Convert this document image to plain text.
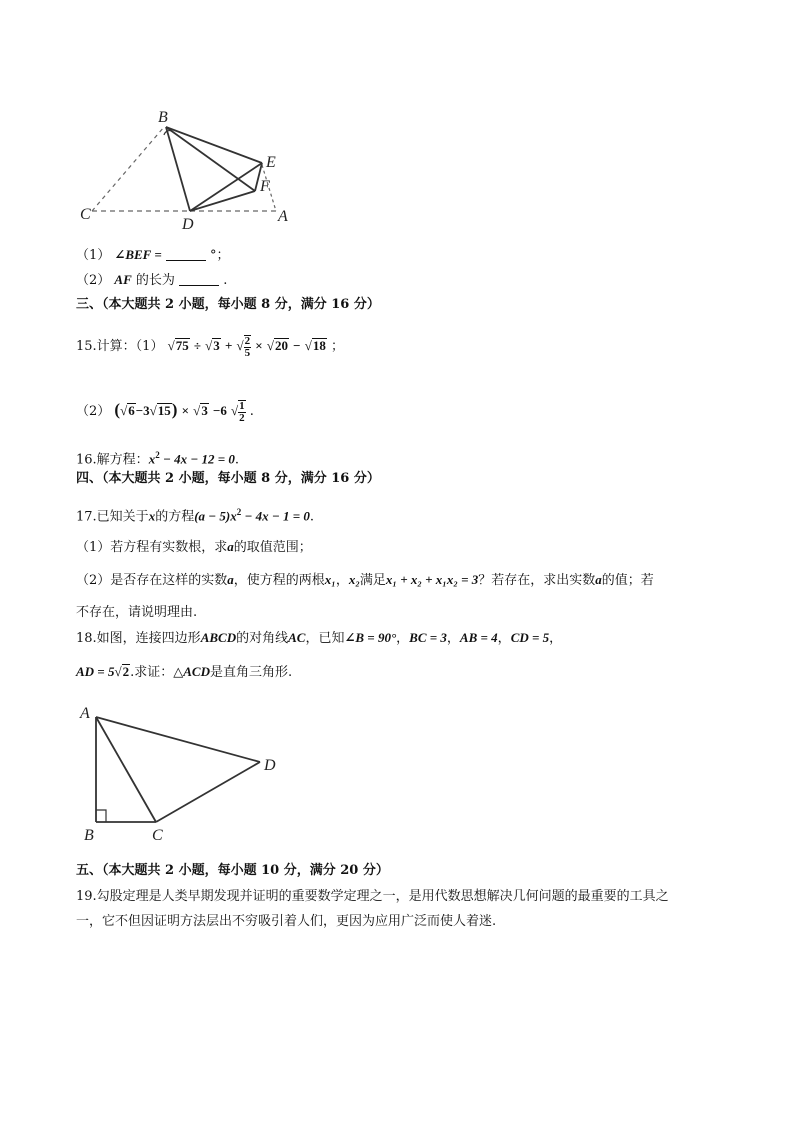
B
E
F
C
D	A
（1） ∠BEF =	°；
（2） AF 的长为	.
三、（本大题共 2 小题，每小题 8 分，满分 16 分）
15.计算：（1） √75 ÷ √3 + √ $\frac{2}{5} \times √20 - √18$ ；
（2） (√6−3√15) × √3 −6 √ $\frac{1}{2}$ .
16.解方程：$x^2 - 4x - 12 = 0$.
四、（本大题共 2 小题，每小题 8 分，满分 16 分）
17.已知关于x的方程$(a - 5)x^2 - 4x - 1 = 0$.
（1）若方程有实数根，求a的取值范围；
（2）是否存在这样的实数a，使方程的两根x₁，x₂满足x₁ + x₂ + x₁x₂ = 3？若存在，求出实数a的值；若
不存在，请说明理由.
18.如图，连接四边形ABCD的对角线AC，已知∠B = 90°，BC = 3，AB = 4，CD = 5，
AD = 5√2.求证：△ACD是直角三角形.
A
D
B	C
五、（本大题共 2 小题，每小题 10 分，满分 20 分）
19.勾股定理是人类早期发现并证明的重要数学定理之一，是用代数思想解决几何问题的最重要的工具之
一，它不但因证明方法层出不穷吸引着人们，更因为应用广泛而使人着迷.
